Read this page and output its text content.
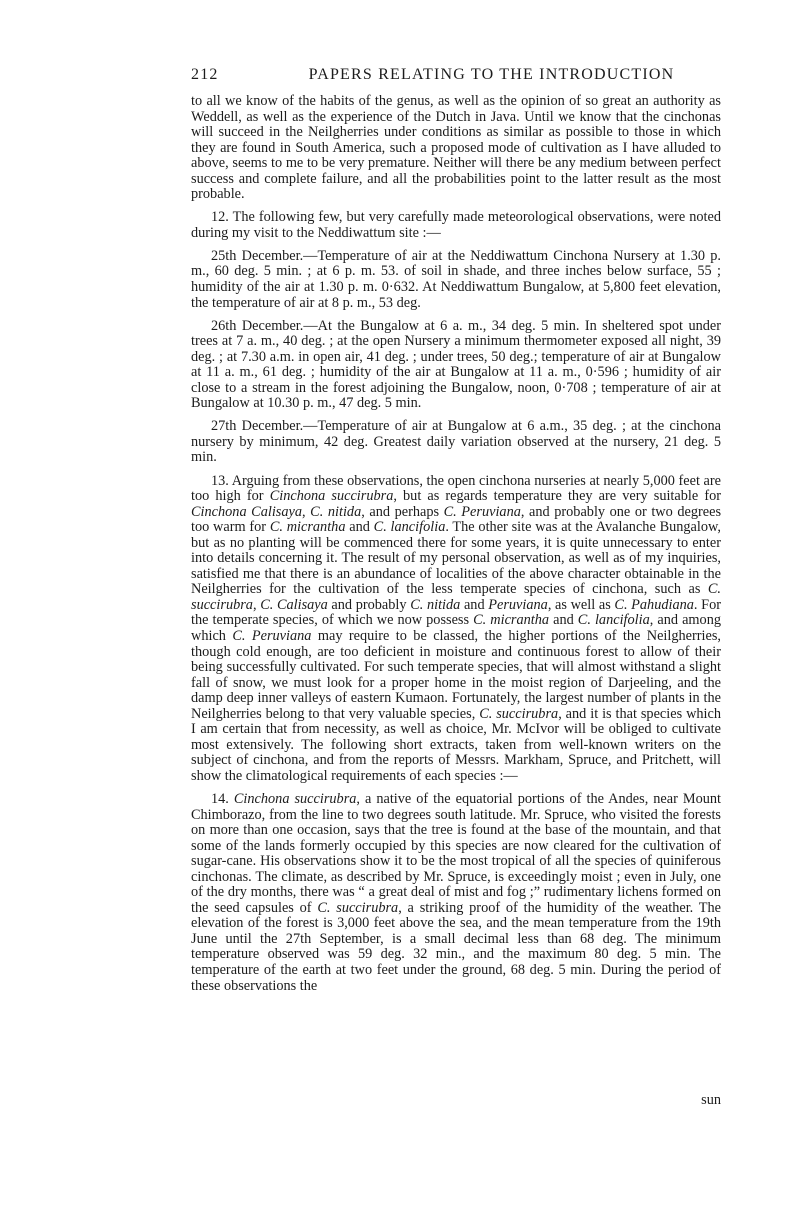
212	PAPERS RELATING TO THE INTRODUCTION

to all we know of the habits of the genus, as well as the opinion of so great an authority as Weddell, as well as the experience of the Dutch in Java. Until we know that the cinchonas will succeed in the Neilgherries under conditions as similar as possible to those in which they are found in South America, such a proposed mode of cultivation as I have alluded to above, seems to me to be very premature. Neither will there be any medium between perfect success and complete failure, and all the probabilities point to the latter result as the most probable.

12. The following few, but very carefully made meteorological observations, were noted during my visit to the Neddiwattum site :—

25th December.—Temperature of air at the Neddiwattum Cinchona Nursery at 1.30 p. m., 60 deg. 5 min. ; at 6 p. m. 53. of soil in shade, and three inches below surface, 55 ; humidity of the air at 1.30 p. m. 0·632. At Neddiwattum Bungalow, at 5,800 feet elevation, the temperature of air at 8 p. m., 53 deg.

26th December.—At the Bungalow at 6 a. m., 34 deg. 5 min. In sheltered spot under trees at 7 a. m., 40 deg. ; at the open Nursery a minimum thermometer exposed all night, 39 deg. ; at 7.30 a.m. in open air, 41 deg. ; under trees, 50 deg.; temperature of air at Bungalow at 11 a. m., 61 deg. ; humidity of the air at Bungalow at 11 a. m., 0·596 ; humidity of air close to a stream in the forest adjoining the Bungalow, noon, 0·708 ; temperature of air at Bungalow at 10.30 p. m., 47 deg. 5 min.

27th December.—Temperature of air at Bungalow at 6 a.m., 35 deg. ; at the cinchona nursery by minimum, 42 deg. Greatest daily variation observed at the nursery, 21 deg. 5 min.

13. Arguing from these observations, the open cinchona nurseries at nearly 5,000 feet are too high for Cinchona succirubra, but as regards temperature they are very suitable for Cinchona Calisaya, C. nitida, and perhaps C. Peruviana, and probably one or two degrees too warm for C. micrantha and C. lancifolia. The other site was at the Avalanche Bungalow, but as no planting will be commenced there for some years, it is quite unnecessary to enter into details concerning it. The result of my personal observation, as well as of my inquiries, satisfied me that there is an abundance of localities of the above character obtainable in the Neilgherries for the cultivation of the less temperate species of cinchona, such as C. succirubra, C. Calisaya and probably C. nitida and Peruviana, as well as C. Pahudiana. For the temperate species, of which we now possess C. micrantha and C. lancifolia, and among which C. Peruviana may require to be classed, the higher portions of the Neilgherries, though cold enough, are too deficient in moisture and continuous forest to allow of their being successfully cultivated. For such temperate species, that will almost withstand a slight fall of snow, we must look for a proper home in the moist region of Darjeeling, and the damp deep inner valleys of eastern Kumaon. Fortunately, the largest number of plants in the Neilgherries belong to that very valuable species, C. succirubra, and it is that species which I am certain that from necessity, as well as choice, Mr. McIvor will be obliged to cultivate most extensively. The following short extracts, taken from well-known writers on the subject of cinchona, and from the reports of Messrs. Markham, Spruce, and Pritchett, will show the climatological requirements of each species :—

14. Cinchona succirubra, a native of the equatorial portions of the Andes, near Mount Chimborazo, from the line to two degrees south latitude. Mr. Spruce, who visited the forests on more than one occasion, says that the tree is found at the base of the mountain, and that some of the lands formerly occupied by this species are now cleared for the cultivation of sugar-cane. His observations show it to be the most tropical of all the species of quiniferous cinchonas. The climate, as described by Mr. Spruce, is exceedingly moist ; even in July, one of the dry months, there was “ a great deal of mist and fog ;” rudimentary lichens formed on the seed capsules of C. succirubra, a striking proof of the humidity of the weather. The elevation of the forest is 3,000 feet above the sea, and the mean temperature from the 19th June until the 27th September, is a small decimal less than 68 deg. The minimum temperature observed was 59 deg. 32 min., and the maximum 80 deg. 5 min. The temperature of the earth at two feet under the ground, 68 deg. 5 min. During the period of these observations the

sun
